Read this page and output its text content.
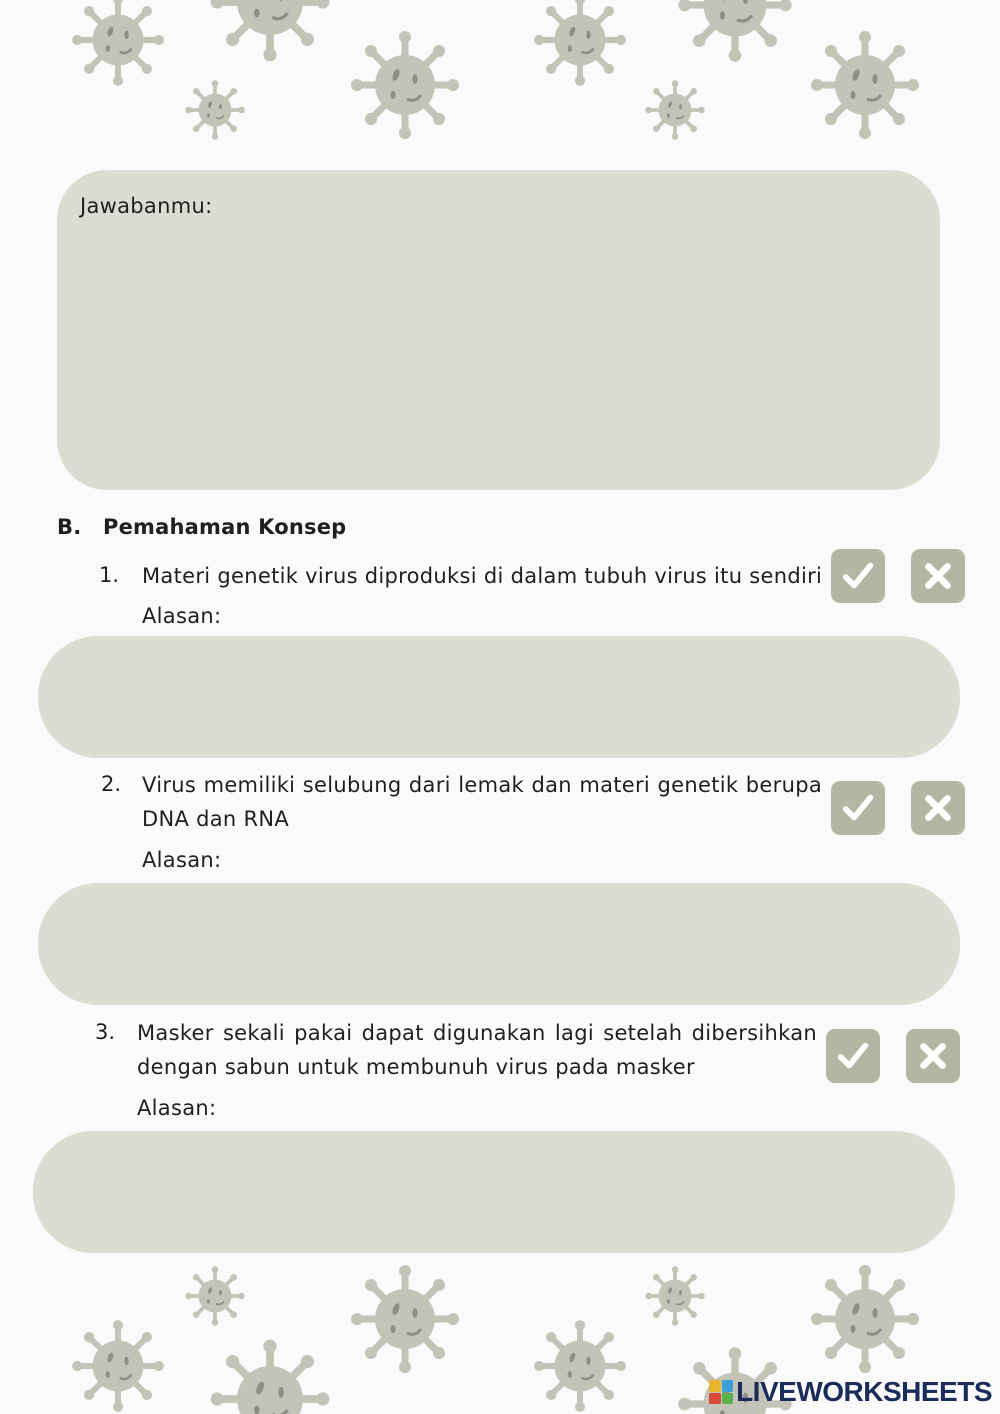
Jawabanmu:
B. Pemahaman Konsep
1. Materi genetik virus diproduksi di dalam tubuh virus itu sendiri
Alasan:
2. Virus memiliki selubung dari lemak dan materi genetik berupa DNA dan RNA
Alasan:
3. Masker sekali pakai dapat digunakan lagi setelah dibersihkan dengan sabun untuk membunuh virus pada masker
Alasan:
LIVEWORKSHEETS
